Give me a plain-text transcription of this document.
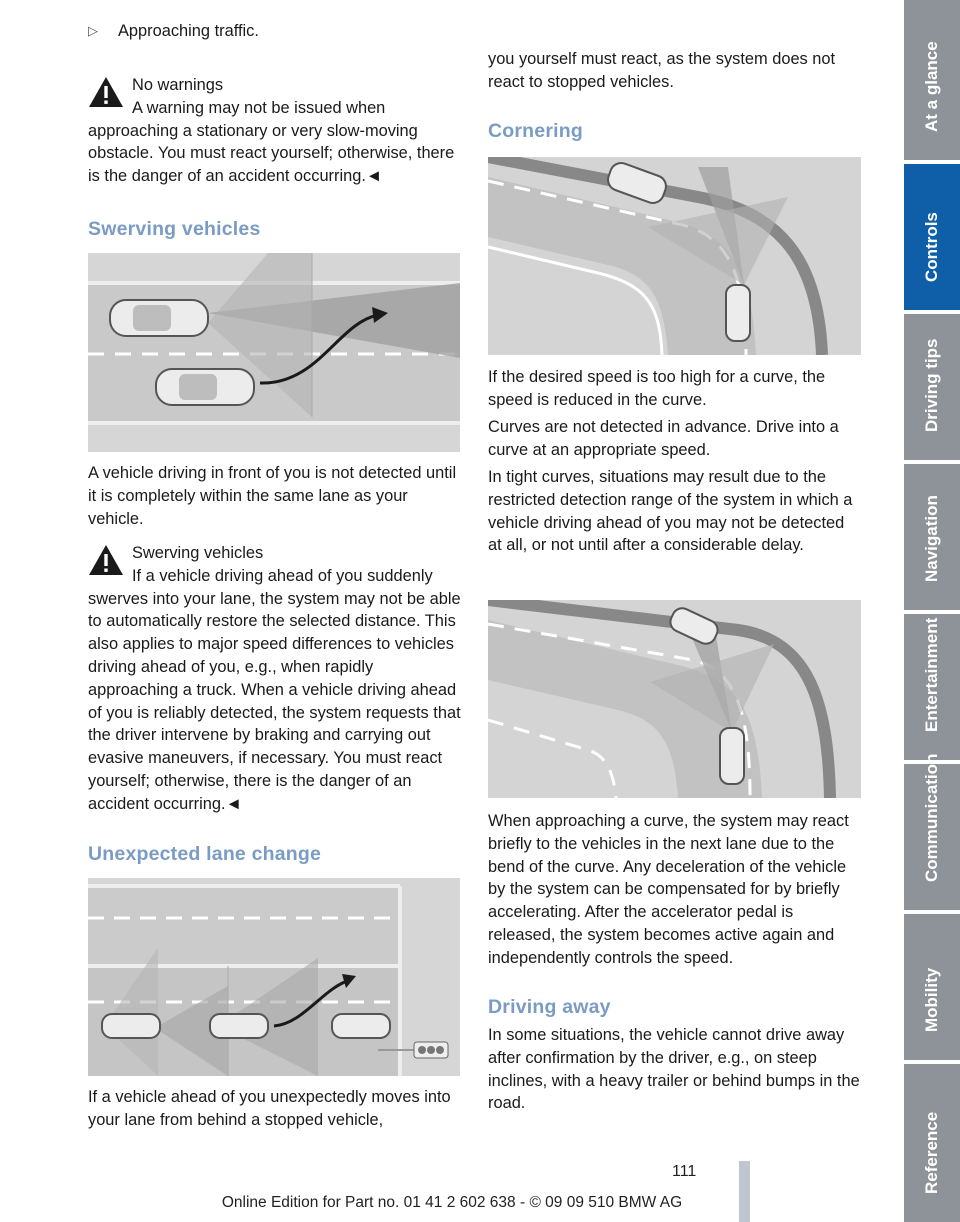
▷ Approaching traffic.

No warnings

A warning may not be issued when approaching a stationary or very slow-moving obstacle. You must react yourself; otherwise, there is the danger of an accident occurring.◄

Swerving vehicles

A vehicle driving in front of you is not detected until it is completely within the same lane as your vehicle.

Swerving vehicles

If a vehicle driving ahead of you suddenly swerves into your lane, the system may not be able to automatically restore the selected distance. This also applies to major speed differences to vehicles driving ahead of you, e.g., when rapidly approaching a truck. When a vehicle driving ahead of you is reliably detected, the system requests that the driver intervene by braking and carrying out evasive maneuvers, if necessary. You must react yourself; otherwise, there is the danger of an accident occurring.◄

Unexpected lane change

If a vehicle ahead of you unexpectedly moves into your lane from behind a stopped vehicle,

you yourself must react, as the system does not react to stopped vehicles.

Cornering

If the desired speed is too high for a curve, the speed is reduced in the curve.

Curves are not detected in advance. Drive into a curve at an appropriate speed.

In tight curves, situations may result due to the restricted detection range of the system in which a vehicle driving ahead of you may not be detected at all, or not until after a considerable delay.

When approaching a curve, the system may react briefly to the vehicles in the next lane due to the bend of the curve. Any deceleration of the vehicle by the system can be compensated for by briefly accelerating. After the accelerator pedal is released, the system becomes active again and independently controls the speed.

Driving away

In some situations, the vehicle cannot drive away after confirmation by the driver, e.g., on steep inclines, with a heavy trailer or behind bumps in the road.

At a glance
Controls
Driving tips
Navigation
Entertainment
Communication
Mobility
Reference
111
Online Edition for Part no. 01 41 2 602 638 - © 09 09 510 BMW AG
